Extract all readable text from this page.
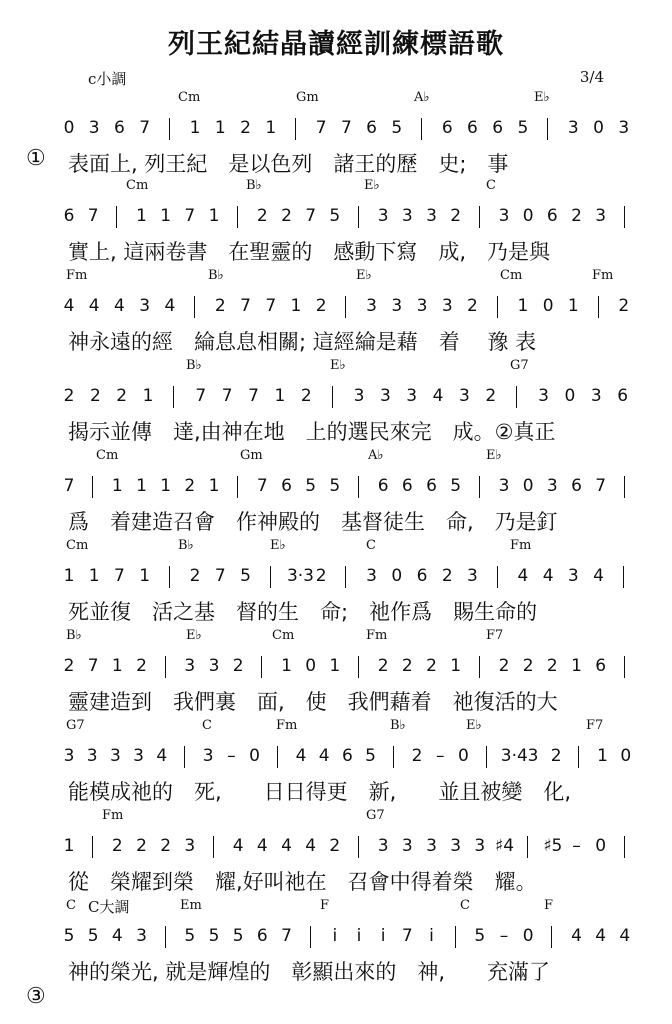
列王紀結晶讀經訓練標語歌
c小調	3/4
Cm	Gm	A♭	E♭
0 3 6 7 1 1 2 1 7 7 6 5 6 6 6 5 3 0 3
表面上, 列王紀　是以色列　諸王的歷　史;　事
Cm	B♭	E♭	C
6 7 1 1 7 1 2 2 7 5 3 3 3 2 3 0 6 2 3
實上, 這兩卷書　在聖靈的　感動下寫　成,　乃是與
Fm	B♭	E♭	Cm	Fm
4 4 4 3 4 2 7 7 1 2 3 3 3 3 2 1 0 1 2
神永遠的經　綸息息相關; 這經綸是藉　着　 豫 表
B♭	E♭	G7
2 2 2 1 7 7 7 1 2 3 3 3 4 3 2 3 0 3 6
揭示並傳　達,由神在地　上的選民來完　成。②真正
Cm	Gm	A♭	E♭
7 1 1 1 2 1 7 6 5 5 6 6 6 5 3 0 3 6 7
爲　着建造召會　作神殿的　基督徒生　命,　乃是釘
Cm	B♭	E♭	C	Fm
1 1 7 1 2 7 5 3·3 2 3 0 6 2 3 4 4 3 4
死並復　活之基　督的生　命;　祂作爲　賜生命的
B♭	E♭	Cm	Fm	F7
2 7 1 2 3 3 2 1 0 1 2 2 2 1 2 2 2 1 6
靈建造到　我們裏　面,　使　我們藉着　祂復活的大
G7	C	Fm	B♭	E♭	F7
3 3 3 3 4 3 – 0 4 4 6 5 2 – 0 3·4 3 2 1 0
能模成祂的　死,　　日日得更　新,　　並且被變　化,
Fm	G7
1 2 2 2 3 4 4 4 4 2 3 3 3 3 3 ♯4 ♯5 – 0
從　榮耀到榮　耀,好叫祂在　召會中得着榮　耀。
C	Em	F	C	F
5 5 4 3 5 5 5 6 7	i	i	i 7 i	5 – 0 4 4 4
神的榮光, 就是輝煌的　彰顯出來的　神,　　充滿了
①
③
C大調
